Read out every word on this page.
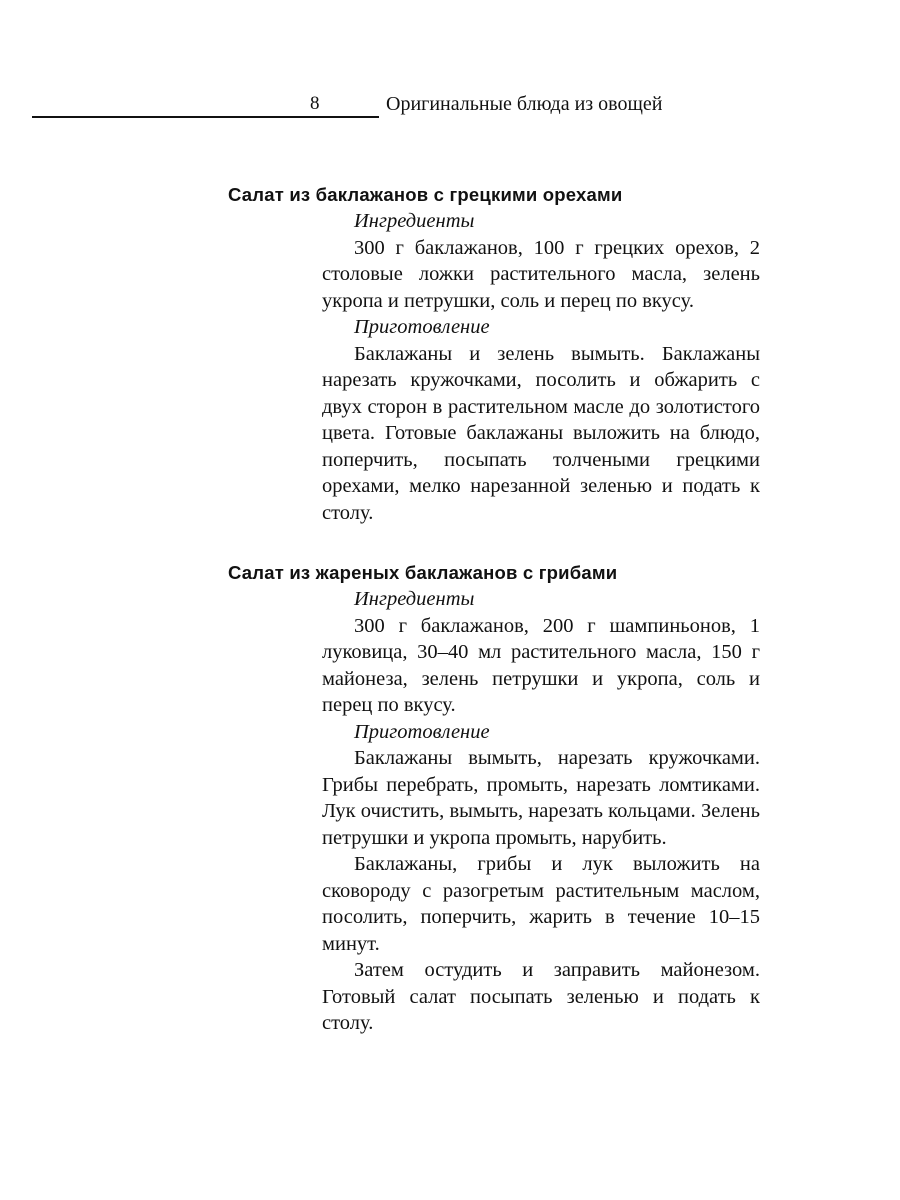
8	Оригинальные блюда из овощей
Салат из баклажанов с грецкими орехами

Ингредиенты

300 г баклажанов, 100 г грецких орехов, 2 столовые ложки растительного масла, зелень укропа и петрушки, соль и перец по вкусу.

Приготовление

Баклажаны и зелень вымыть. Баклажаны нарезать кружочками, посолить и обжарить с двух сторон в растительном масле до золотистого цвета. Готовые баклажаны выложить на блюдо, поперчить, посыпать толчеными грецкими орехами, мелко нарезанной зеленью и подать к столу.

Салат из жареных баклажанов с грибами

Ингредиенты

300 г баклажанов, 200 г шампиньонов, 1 луковица, 30–40 мл растительного масла, 150 г майонеза, зелень петрушки и укропа, соль и перец по вкусу.

Приготовление

Баклажаны вымыть, нарезать кружочками. Грибы перебрать, промыть, нарезать ломтиками. Лук очистить, вымыть, нарезать кольцами. Зелень петрушки и укропа промыть, нарубить.

Баклажаны, грибы и лук выложить на сковороду с разогретым растительным маслом, посолить, поперчить, жарить в течение 10–15 минут.

Затем остудить и заправить майонезом. Готовый салат посыпать зеленью и подать к столу.
